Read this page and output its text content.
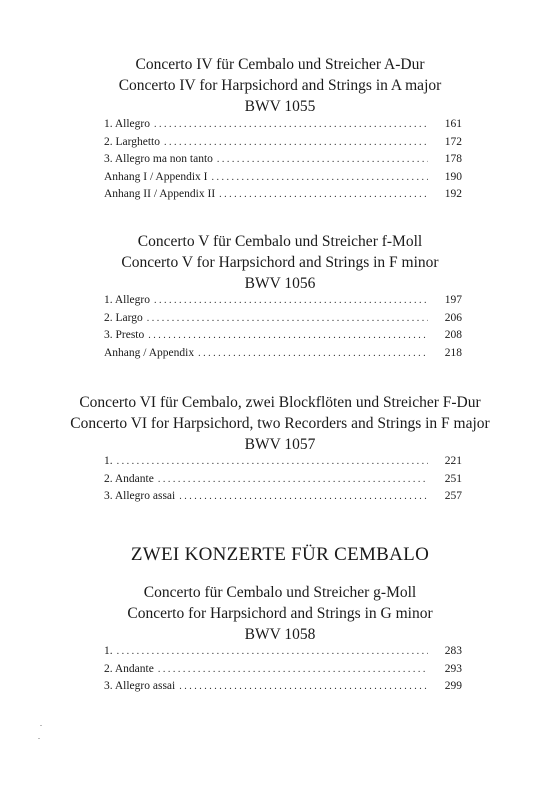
Concerto IV für Cembalo und Streicher A-Dur
Concerto IV for Harpsichord and Strings in A major
BWV 1055
1. Allegro . . .	161
2. Larghetto . . .	172
3. Allegro ma non tanto . . .	178
Anhang I / Appendix I . . .	190
Anhang II / Appendix II . . .	192
Concerto V für Cembalo und Streicher f-Moll
Concerto V for Harpsichord and Strings in F minor
BWV 1056
1. Allegro . . .	197
2. Largo . . .	206
3. Presto . . .	208
Anhang / Appendix . . .	218
Concerto VI für Cembalo, zwei Blockflöten und Streicher F-Dur
Concerto VI for Harpsichord, two Recorders and Strings in F major
BWV 1057
1. . . .	221
2. Andante . . .	251
3. Allegro assai . . .	257
ZWEI KONZERTE FÜR CEMBALO
Concerto für Cembalo und Streicher g-Moll
Concerto for Harpsichord and Strings in G minor
BWV 1058
1. . . .	283
2. Andante . . .	293
3. Allegro assai . . .	299
